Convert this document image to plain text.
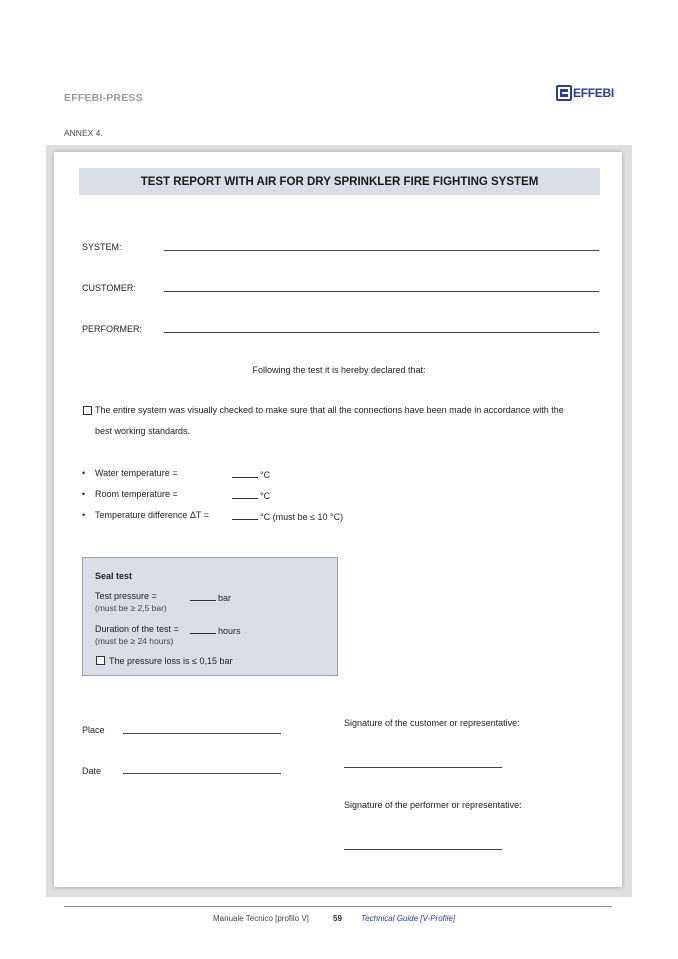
EFFEBI-PRESS	EFFEBI
ANNEX 4.
TEST REPORT WITH AIR FOR DRY SPRINKLER FIRE FIGHTING SYSTEM
SYSTEM:
CUSTOMER:
PERFORMER:
Following the test it is hereby declared that:
The entire system was visually checked to make sure that all the connections have been made in accordance with the
best working standards.
• Water temperature =	°C
• Room temperature =	°C
• Temperature difference ΔT =	°C (must be ≤ 10 °C)
Seal test
Test pressure =	bar
(must be ≥ 2,5 bar)
Duration of the test =	hours
(must be ≥ 24 hours)
The pressure loss is ≤ 0,15 bar
Place
Date
Signature of the customer or representative:
Signature of the performer or representative:
Manuale Tecnico [profilo V]	59 Technical Guide [V-Profile]
